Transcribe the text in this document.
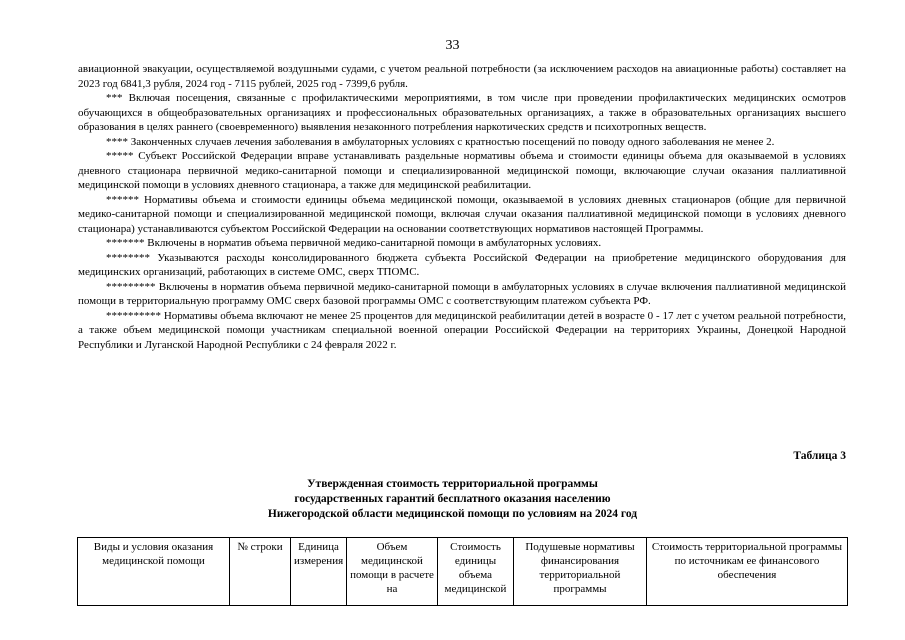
33

авиационной эвакуации, осуществляемой воздушными судами, с учетом реальной потребности (за исключением расходов на авиационные работы) составляет на 2023 год 6841,3 рубля, 2024 год - 7115 рублей, 2025 год - 7399,6 рубля.

*** Включая посещения, связанные с профилактическими мероприятиями, в том числе при проведении профилактических медицинских осмотров обучающихся в общеобразовательных организациях и профессиональных образовательных организациях, а также в образовательных организациях высшего образования в целях раннего (своевременного) выявления незаконного потребления наркотических средств и психотропных веществ.

**** Законченных случаев лечения заболевания в амбулаторных условиях с кратностью посещений по поводу одного заболевания не менее 2.

***** Субъект Российской Федерации вправе устанавливать раздельные нормативы объема и стоимости единицы объема для оказываемой в условиях дневного стационара первичной медико-санитарной помощи и специализированной медицинской помощи, включающие случаи оказания паллиативной медицинской помощи в условиях дневного стационара, а также для медицинской реабилитации.

****** Нормативы объема и стоимости единицы объема медицинской помощи, оказываемой в условиях дневных стационаров (общие для первичной медико-санитарной помощи и специализированной медицинской помощи, включая случаи оказания паллиативной медицинской помощи в условиях дневного стационара) устанавливаются субъектом Российской Федерации на основании соответствующих нормативов настоящей Программы.

******* Включены в норматив объема первичной медико-санитарной помощи в амбулаторных условиях.

******** Указываются расходы консолидированного бюджета субъекта Российской Федерации на приобретение медицинского оборудования для медицинских организаций, работающих в системе ОМС, сверх ТПОМС.

********* Включены в норматив объема первичной медико-санитарной помощи в амбулаторных условиях в случае включения паллиативной медицинской помощи в территориальную программу ОМС сверх базовой программы ОМС с соответствующим платежом субъекта РФ.

********** Нормативы объема включают не менее 25 процентов для медицинской реабилитации детей в возрасте 0 - 17 лет с учетом реальной потребности, а также объем медицинской помощи участникам специальной военной операции Российской Федерации на территориях Украины, Донецкой Народной Республики и Луганской Народной Республики с 24 февраля 2022 г.

Таблица 3
Утвержденная стоимость территориальной программы
государственных гарантий бесплатного оказания населению
Нижегородской области медицинской помощи по условиям на 2024 год
Виды и условия оказания медицинской помощи	№ строки	Единица измерения	Объем медицинской помощи в расчете на	Стоимость единицы объема медицинской	Подушевые нормативы финансирования территориальной программы	Стоимость территориальной программы по источникам ее финансового обеспечения
